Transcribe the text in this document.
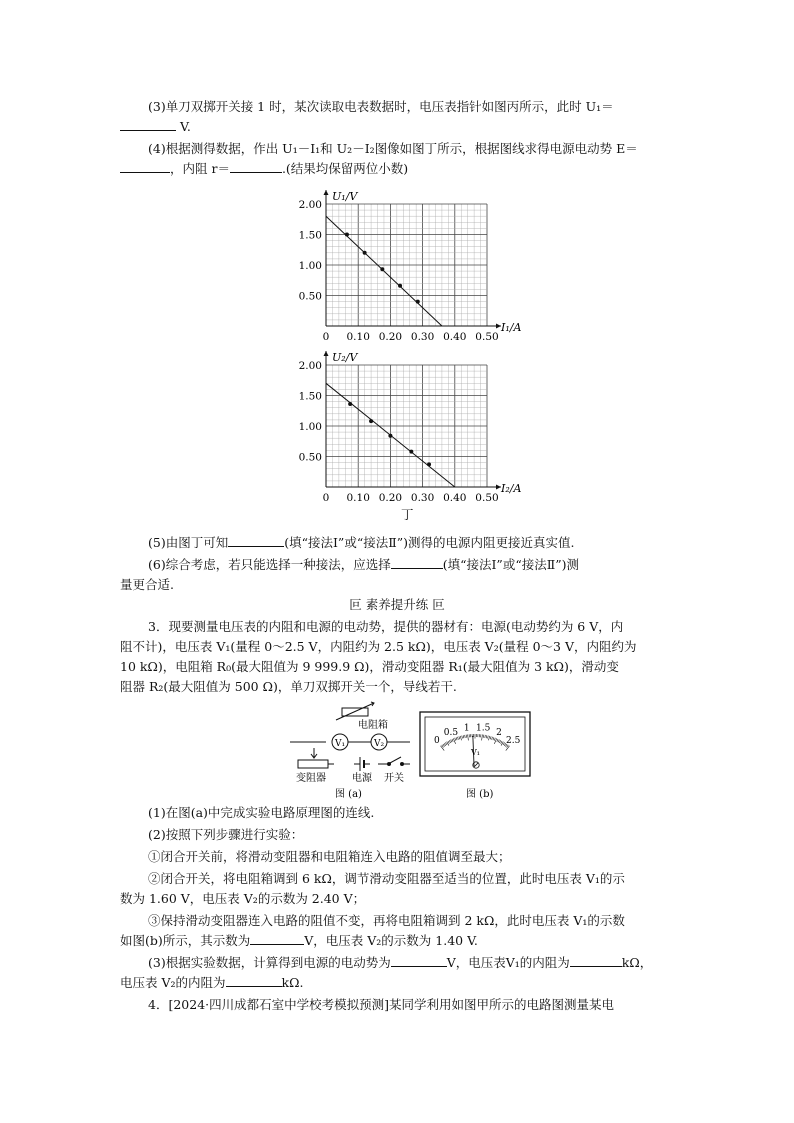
(3)单刀双掷开关接 1 时，某次读取电表数据时，电压表指针如图丙所示，此时 U₁＝
V.
(4)根据测得数据，作出 U₁－I₁和 U₂－I₂图像如图丁所示，根据图线求得电源电动势 E＝
，内阻 r＝	.(结果均保留两位小数)
0 0.10 0.20 0.30 0.40 0.50
0.50
1.00
1.50
2.00
U₁/V
I₁/A
0 0.10 0.20 0.30 0.40 0.50
0.50
1.00
1.50
2.00
U₂/V
I₂/A
丁
(5)由图丁可知	(填“接法Ⅰ”或“接法Ⅱ”)测得的电源内阻更接近真实值.
(6)综合考虑，若只能选择一种接法，应选择	(填“接法Ⅰ”或“接法Ⅱ”)测
量更合适.
叵 素养提升练 叵
3．现要测量电压表的内阻和电源的电动势，提供的器材有：电源(电动势约为 6 V，内
阻不计)，电压表 V₁(量程 0～2.5 V，内阻约为 2.5 kΩ)，电压表 V₂(量程 0～3 V，内阻约为
10 kΩ)，电阻箱 R₀(最大阻值为 9 999.9 Ω)，滑动变阻器 R₁(最大阻值为 3 kΩ)，滑动变
阻器 R₂(最大阻值为 500 Ω)，单刀双掷开关一个，导线若干.
电阻箱
V₁	V₂
变阻器	电源 开关
图 (a)
0
0.5 1 1.5 2
2.5
V₁
图 (b)
(1)在图(a)中完成实验电路原理图的连线.
(2)按照下列步骤进行实验：
①闭合开关前，将滑动变阻器和电阻箱连入电路的阻值调至最大；
②闭合开关，将电阻箱调到 6 kΩ，调节滑动变阻器至适当的位置，此时电压表 V₁的示
数为 1.60 V，电压表 V₂的示数为 2.40 V；
③保持滑动变阻器连入电路的阻值不变，再将电阻箱调到 2 kΩ，此时电压表 V₁的示数
如图(b)所示，其示数为	V，电压表 V₂的示数为 1.40 V.
(3)根据实验数据，计算得到电源的电动势为	V，电压表V₁的内阻为	kΩ，
电压表 V₂的内阻为	kΩ.
4．[2024·四川成都石室中学校考模拟预测]某同学利用如图甲所示的电路图测量某电
